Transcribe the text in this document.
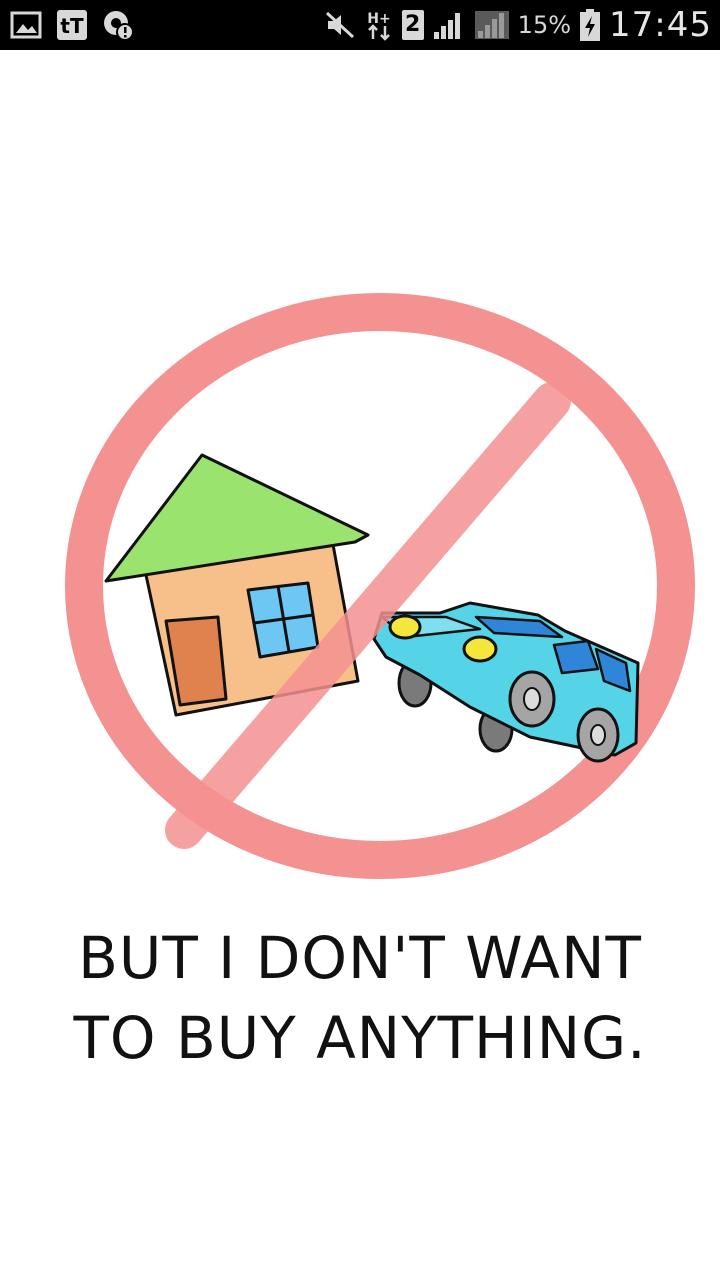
tT	H+ 2	15% 17:45
BUT I DON'T WANT
TO BUY ANYTHING.
